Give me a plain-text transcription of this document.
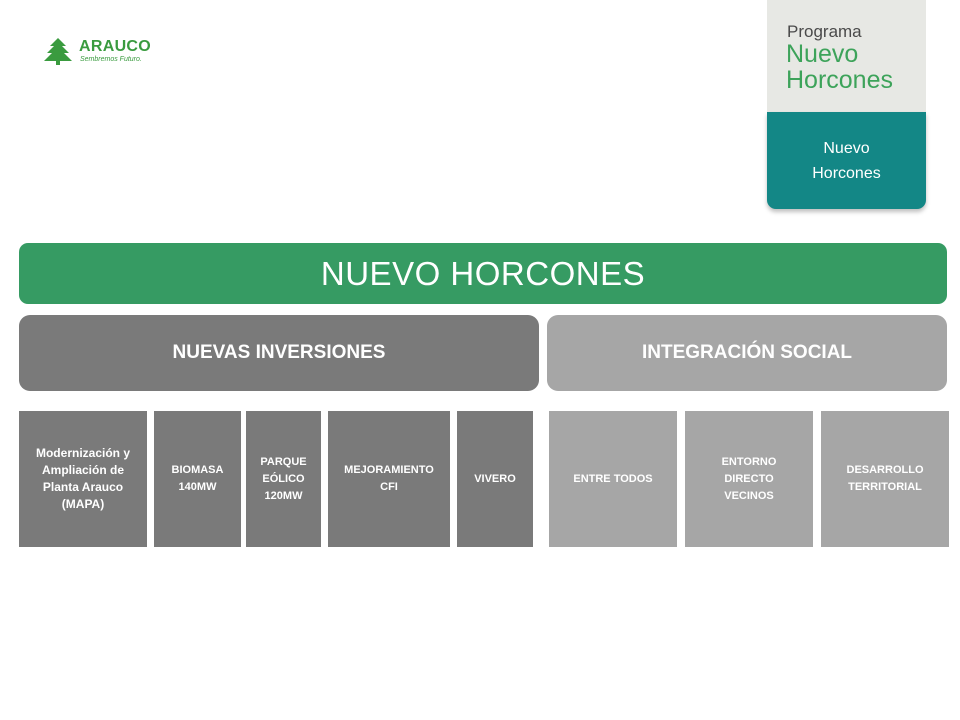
ARAUCO
Sembremos Futuro.
Programa
Nuevo
Horcones
Nuevo
Horcones
NUEVO HORCONES
NUEVAS INVERSIONES	INTEGRACIÓN SOCIAL
Modernización y
Ampliación de
Planta Arauco
(MAPA)
BIOMASA
140MW
PARQUE
EÓLICO
120MW
MEJORAMIENTO
CFI
VIVERO	ENTRE TODOS
ENTORNO
DIRECTO
VECINOS
DESARROLLO
TERRITORIAL
